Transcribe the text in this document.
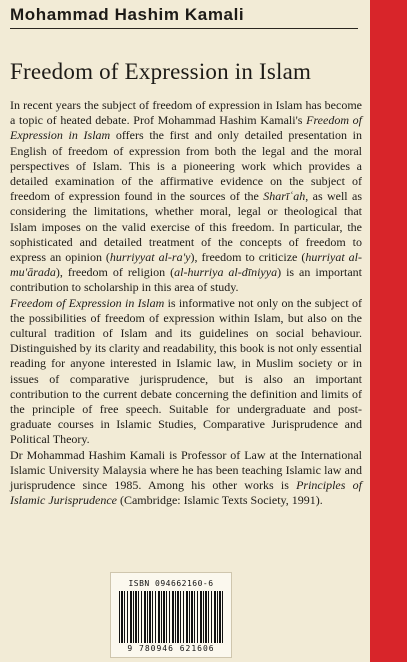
Mohammad Hashim Kamali
Freedom of Expression in Islam

In recent years the subject of freedom of expression in Islam has become a topic of heated debate. Prof Mohammad Hashim Kamali's Freedom of Expression in Islam offers the first and only detailed presentation in English of freedom of expression from both the legal and the moral perspectives of Islam. This is a pioneering work which provides a detailed examination of the affirmative evidence on the subject of freedom of expression found in the sources of the Sharīʿah, as well as considering the limitations, whether moral, legal or theological that Islam imposes on the valid exercise of this freedom. In particular, the sophisticated and detailed treatment of the concepts of freedom to express an opinion (hurriyyat al-ra'y), freedom to criticize (hurriyat al-mu'ārada), freedom of religion (al-hurriya al-dīniyya) is an important contribution to scholarship in this area of study.

Freedom of Expression in Islam is informative not only on the subject of the possibilities of freedom of expression within Islam, but also on the cultural tradition of Islam and its guidelines on social behaviour. Distinguished by its clarity and readability, this book is not only essential reading for anyone interested in Islamic law, in Muslim society or in issues of comparative jurisprudence, but is also an important contribution to the current debate concerning the definition and limits of the principle of free speech. Suitable for undergraduate and post-graduate courses in Islamic Studies, Comparative Jurisprudence and Political Theory.

Dr Mohammad Hashim Kamali is Professor of Law at the International Islamic University Malaysia where he has been teaching Islamic law and jurisprudence since 1985. Among his other works is Principles of Islamic Jurisprudence (Cambridge: Islamic Texts Society, 1991).

ISBN 094662160-6
9 780946 621606
